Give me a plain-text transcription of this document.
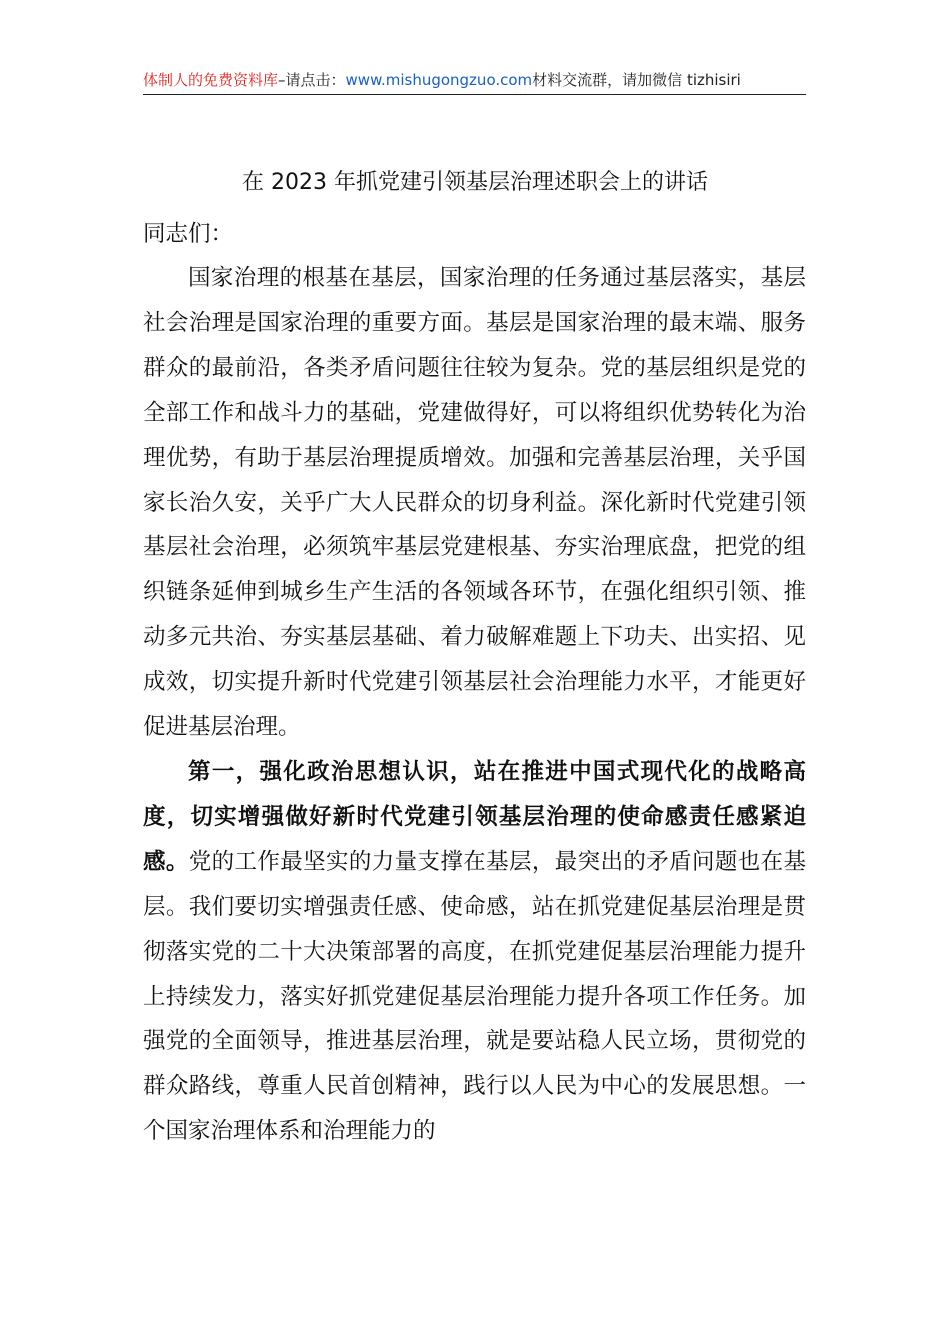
体制人的免费资料库–请点击：www.mishugongzuo.com材料交流群，请加微信 tizhisiri
在 2023 年抓党建引领基层治理述职会上的讲话
同志们：

国家治理的根基在基层，国家治理的任务通过基层落实，基层社会治理是国家治理的重要方面。基层是国家治理的最末端、服务群众的最前沿，各类矛盾问题往往较为复杂。党的基层组织是党的全部工作和战斗力的基础，党建做得好，可以将组织优势转化为治理优势，有助于基层治理提质增效。加强和完善基层治理，关乎国家长治久安，关乎广大人民群众的切身利益。深化新时代党建引领基层社会治理，必须筑牢基层党建根基、夯实治理底盘，把党的组织链条延伸到城乡生产生活的各领域各环节，在强化组织引领、推动多元共治、夯实基层基础、着力破解难题上下功夫、出实招、见成效，切实提升新时代党建引领基层社会治理能力水平，才能更好促进基层治理。

第一，强化政治思想认识，站在推进中国式现代化的战略高度，切实增强做好新时代党建引领基层治理的使命感责任感紧迫感。党的工作最坚实的力量支撑在基层，最突出的矛盾问题也在基层。我们要切实增强责任感、使命感，站在抓党建促基层治理是贯彻落实党的二十大决策部署的高度，在抓党建促基层治理能力提升上持续发力，落实好抓党建促基层治理能力提升各项工作任务。加强党的全面领导，推进基层治理，就是要站稳人民立场，贯彻党的群众路线，尊重人民首创精神，践行以人民为中心的发展思想。一个国家治理体系和治理能力的
